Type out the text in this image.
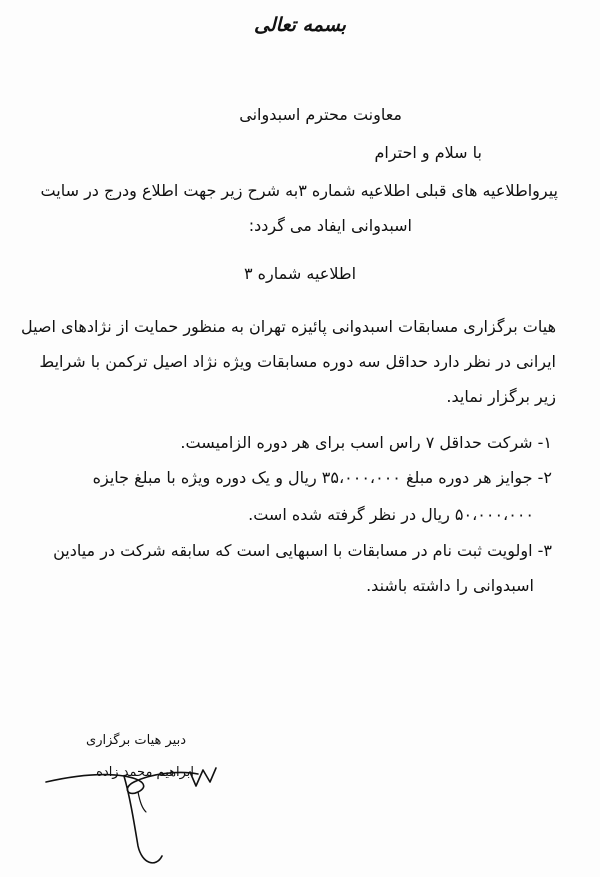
بسمه تعالی
معاونت محترم اسبدوانی
با سلام و احترام
پیرواطلاعیه های قبلی اطلاعیه شماره ۳به شرح زیر جهت اطلاع ودرج در سایت
اسبدوانی ایفاد می گردد:
اطلاعیه شماره ۳
هیات برگزاری مسابقات اسبدوانی پائیزه تهران به منظور حمایت از نژادهای اصیل
ایرانی در نظر دارد حداقل سه دوره مسابقات ویژه نژاد اصیل ترکمن با شرایط
زیر برگزار نماید.
۱- شرکت حداقل ۷ راس اسب برای هر دوره الزامیست.
۲- جوایز هر دوره مبلغ ۳۵،۰۰۰،۰۰۰ ریال و یک دوره ویژه با مبلغ جایزه
۵۰،۰۰۰،۰۰۰ ریال در نظر گرفته شده است.
۳- اولویت ثبت نام در مسابقات با اسبهایی است که سابقه شرکت در میادین
اسبدوانی را داشته باشند.
دبیر هیات برگزاری
ابراهیم محمد زاده
